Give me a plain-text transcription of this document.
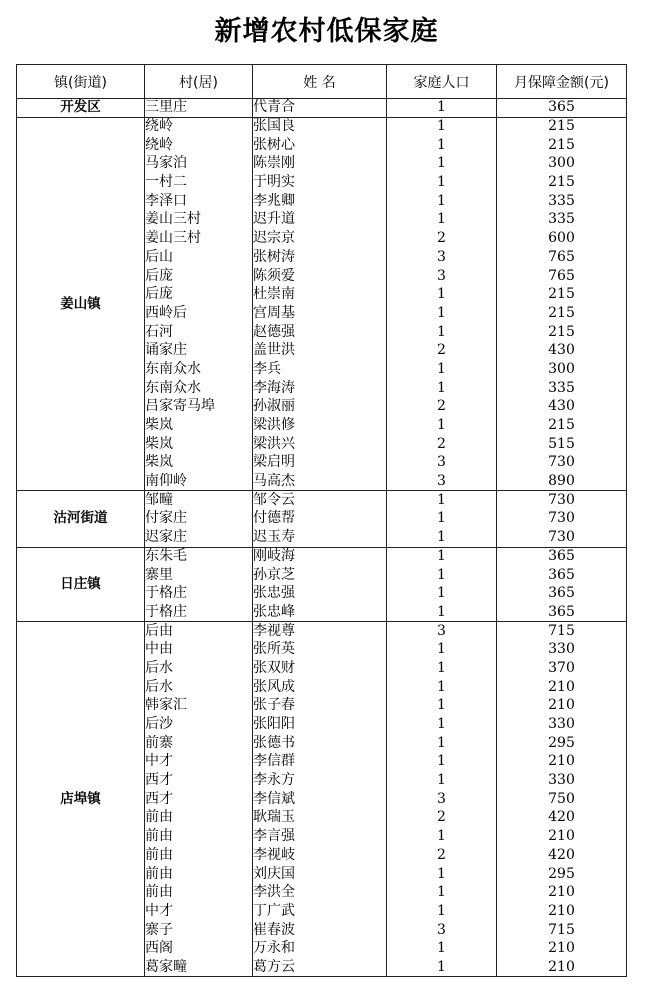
新增农村低保家庭
镇(街道)	村(居)	姓 名	家庭人口	月保障金额(元)
开发区	三里庄	代青合	1	365
姜山镇	绕岭	张国良	1	215
	绕岭	张树心	1	215
	马家泊	陈崇刚	1	300
	一村二	于明实	1	215
	李泽口	李兆卿	1	335
	姜山三村	迟升道	1	335
	姜山三村	迟宗京	2	600
	后山	张树涛	3	765
	后庞	陈须爱	3	765
	后庞	杜崇南	1	215
	西岭后	宫周基	1	215
	石河	赵德强	1	215
	诵家庄	盖世洪	2	430
	东南众水	李兵	1	300
	东南众水	李海涛	1	335
	吕家寄马埠	孙淑丽	2	430
	柴岚	梁洪修	1	215
	柴岚	梁洪兴	2	515
	柴岚	梁启明	3	730
	南仰岭	马高杰	3	890
沽河街道	邹疃	邹令云	1	730
	付家庄	付德帮	1	730
	迟家庄	迟玉寿	1	730
日庄镇	东朱毛	刚岐海	1	365
	寨里	孙京芝	1	365
	于格庄	张忠强	1	365
	于格庄	张忠峰	1	365
店埠镇	后由	李视尊	3	715
	中由	张所英	1	330
	后水	张双财	1	370
	后水	张风成	1	210
	韩家汇	张子春	1	210
	后沙	张阳阳	1	330
	前寨	张德书	1	295
	中才	李信群	1	210
	西才	李永方	1	330
	西才	李信斌	3	750
	前由	耿瑞玉	2	420
	前由	李言强	1	210
	前由	李视岐	2	420
	前由	刘庆国	1	295
	前由	李洪全	1	210
	中才	丁广武	1	210
	寨子	崔春波	3	715
	西阁	万永和	1	210
	葛家疃	葛方云	1	210
